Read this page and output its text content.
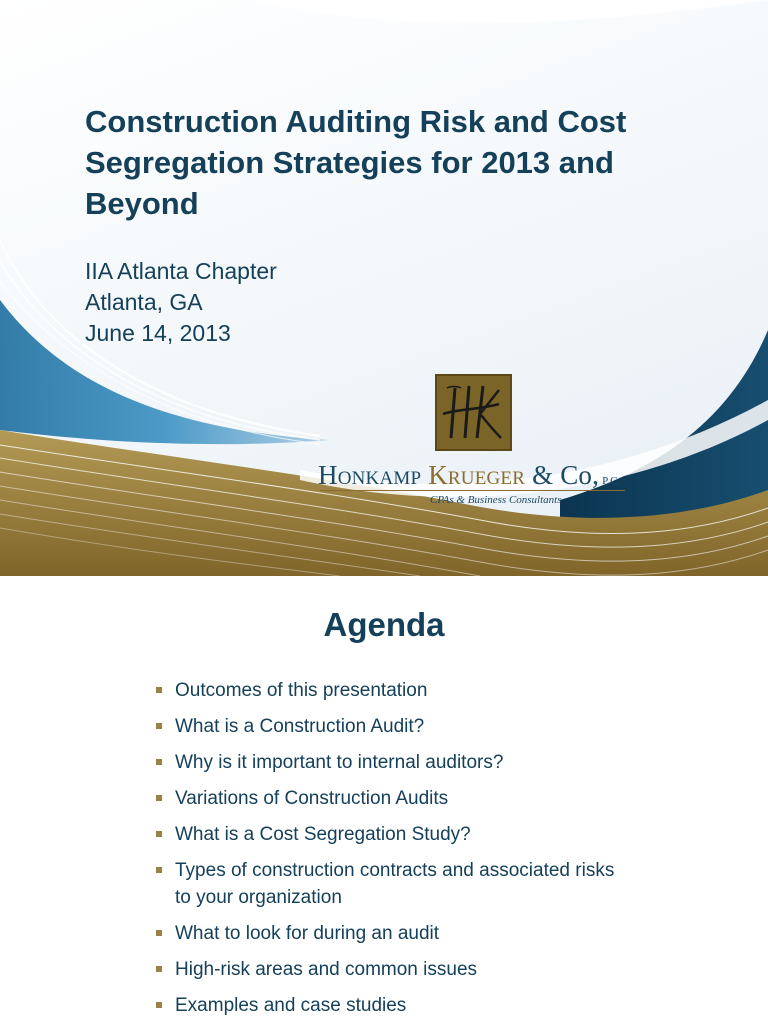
Construction Auditing Risk and Cost Segregation Strategies for 2013 and Beyond
IIA Atlanta Chapter
Atlanta, GA
June 14, 2013
Honkamp Krueger & Co, P.C.
CPAs & Business Consultants
Agenda
Outcomes of this presentation
What is a Construction Audit?
Why is it important to internal auditors?
Variations of Construction Audits
What is a Cost Segregation Study?
Types of construction contracts and associated risks to your organization
What to look for during an audit
High-risk areas and common issues
Examples and case studies
